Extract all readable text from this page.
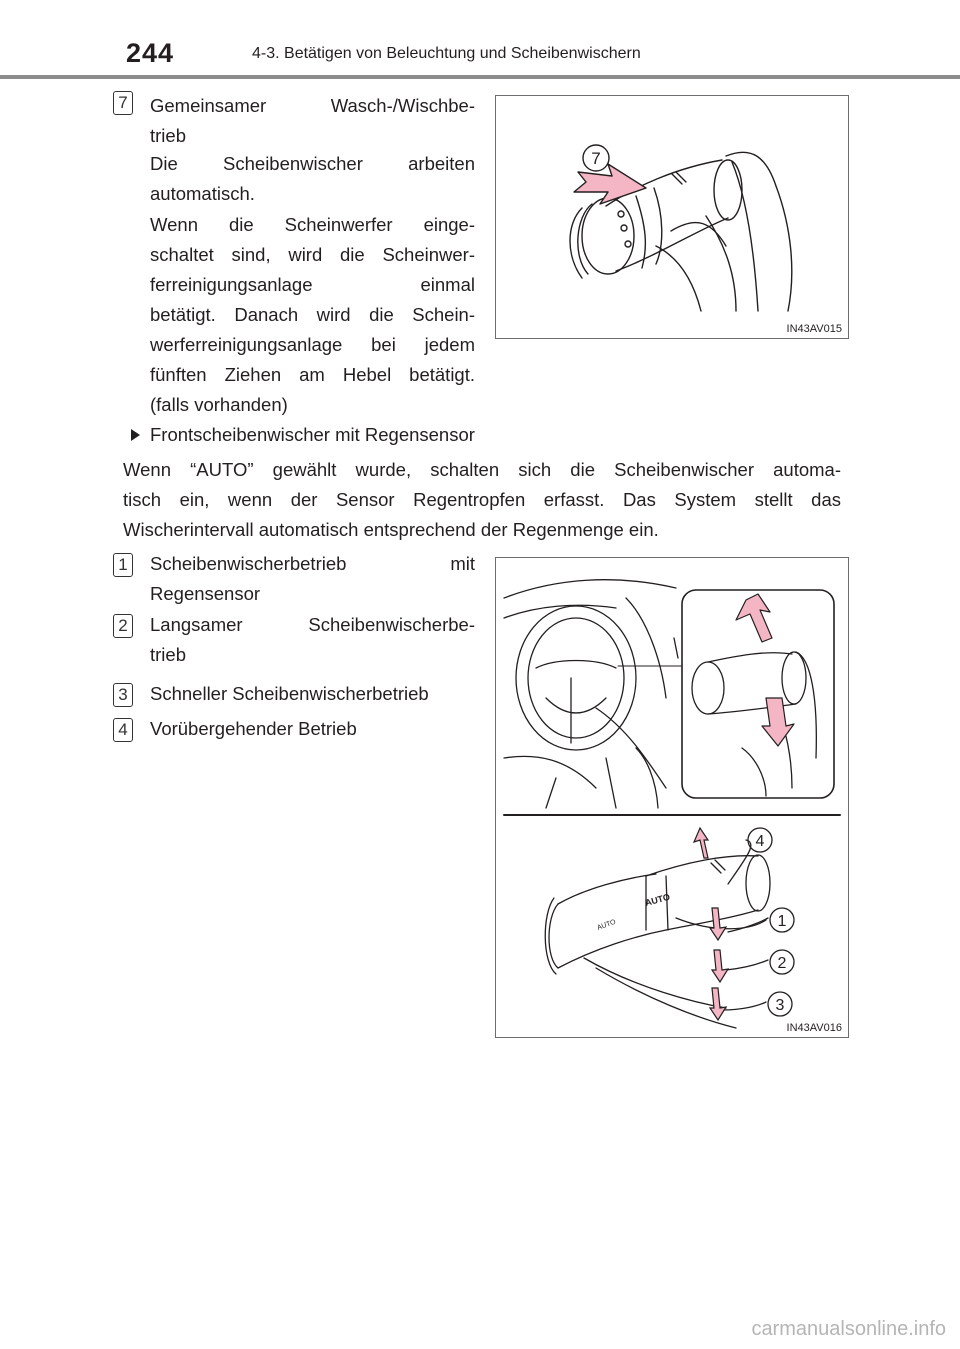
244	4-3. Betätigen von Beleuchtung und Scheibenwischern
7 Gemeinsamer Wasch-/Wischbe-
trieb

Die Scheibenwischer arbeiten
automatisch.

Wenn die Scheinwerfer einge-
schaltet sind, wird die Scheinwer-
ferreinigungsanlage einmal
betätigt. Danach wird die Schein-
werferreinigungsanlage bei jedem
fünften Ziehen am Hebel betätigt.
(falls vorhanden)

7
IN43AV015
Frontscheibenwischer mit Regensensor

Wenn “AUTO” gewählt wurde, schalten sich die Scheibenwischer automa-
tisch ein, wenn der Sensor Regentropfen erfasst. Das System stellt das
Wischerintervall automatisch entsprechend der Regenmenge ein.

1 Scheibenwischerbetrieb mit
Regensensor

2 Langsamer Scheibenwischerbe-
trieb

3 Schneller Scheibenwischerbetrieb

4 Vorübergehender Betrieb

AUTO
AUTO
4
1
2
3
IN43AV016
carmanualsonline.info
